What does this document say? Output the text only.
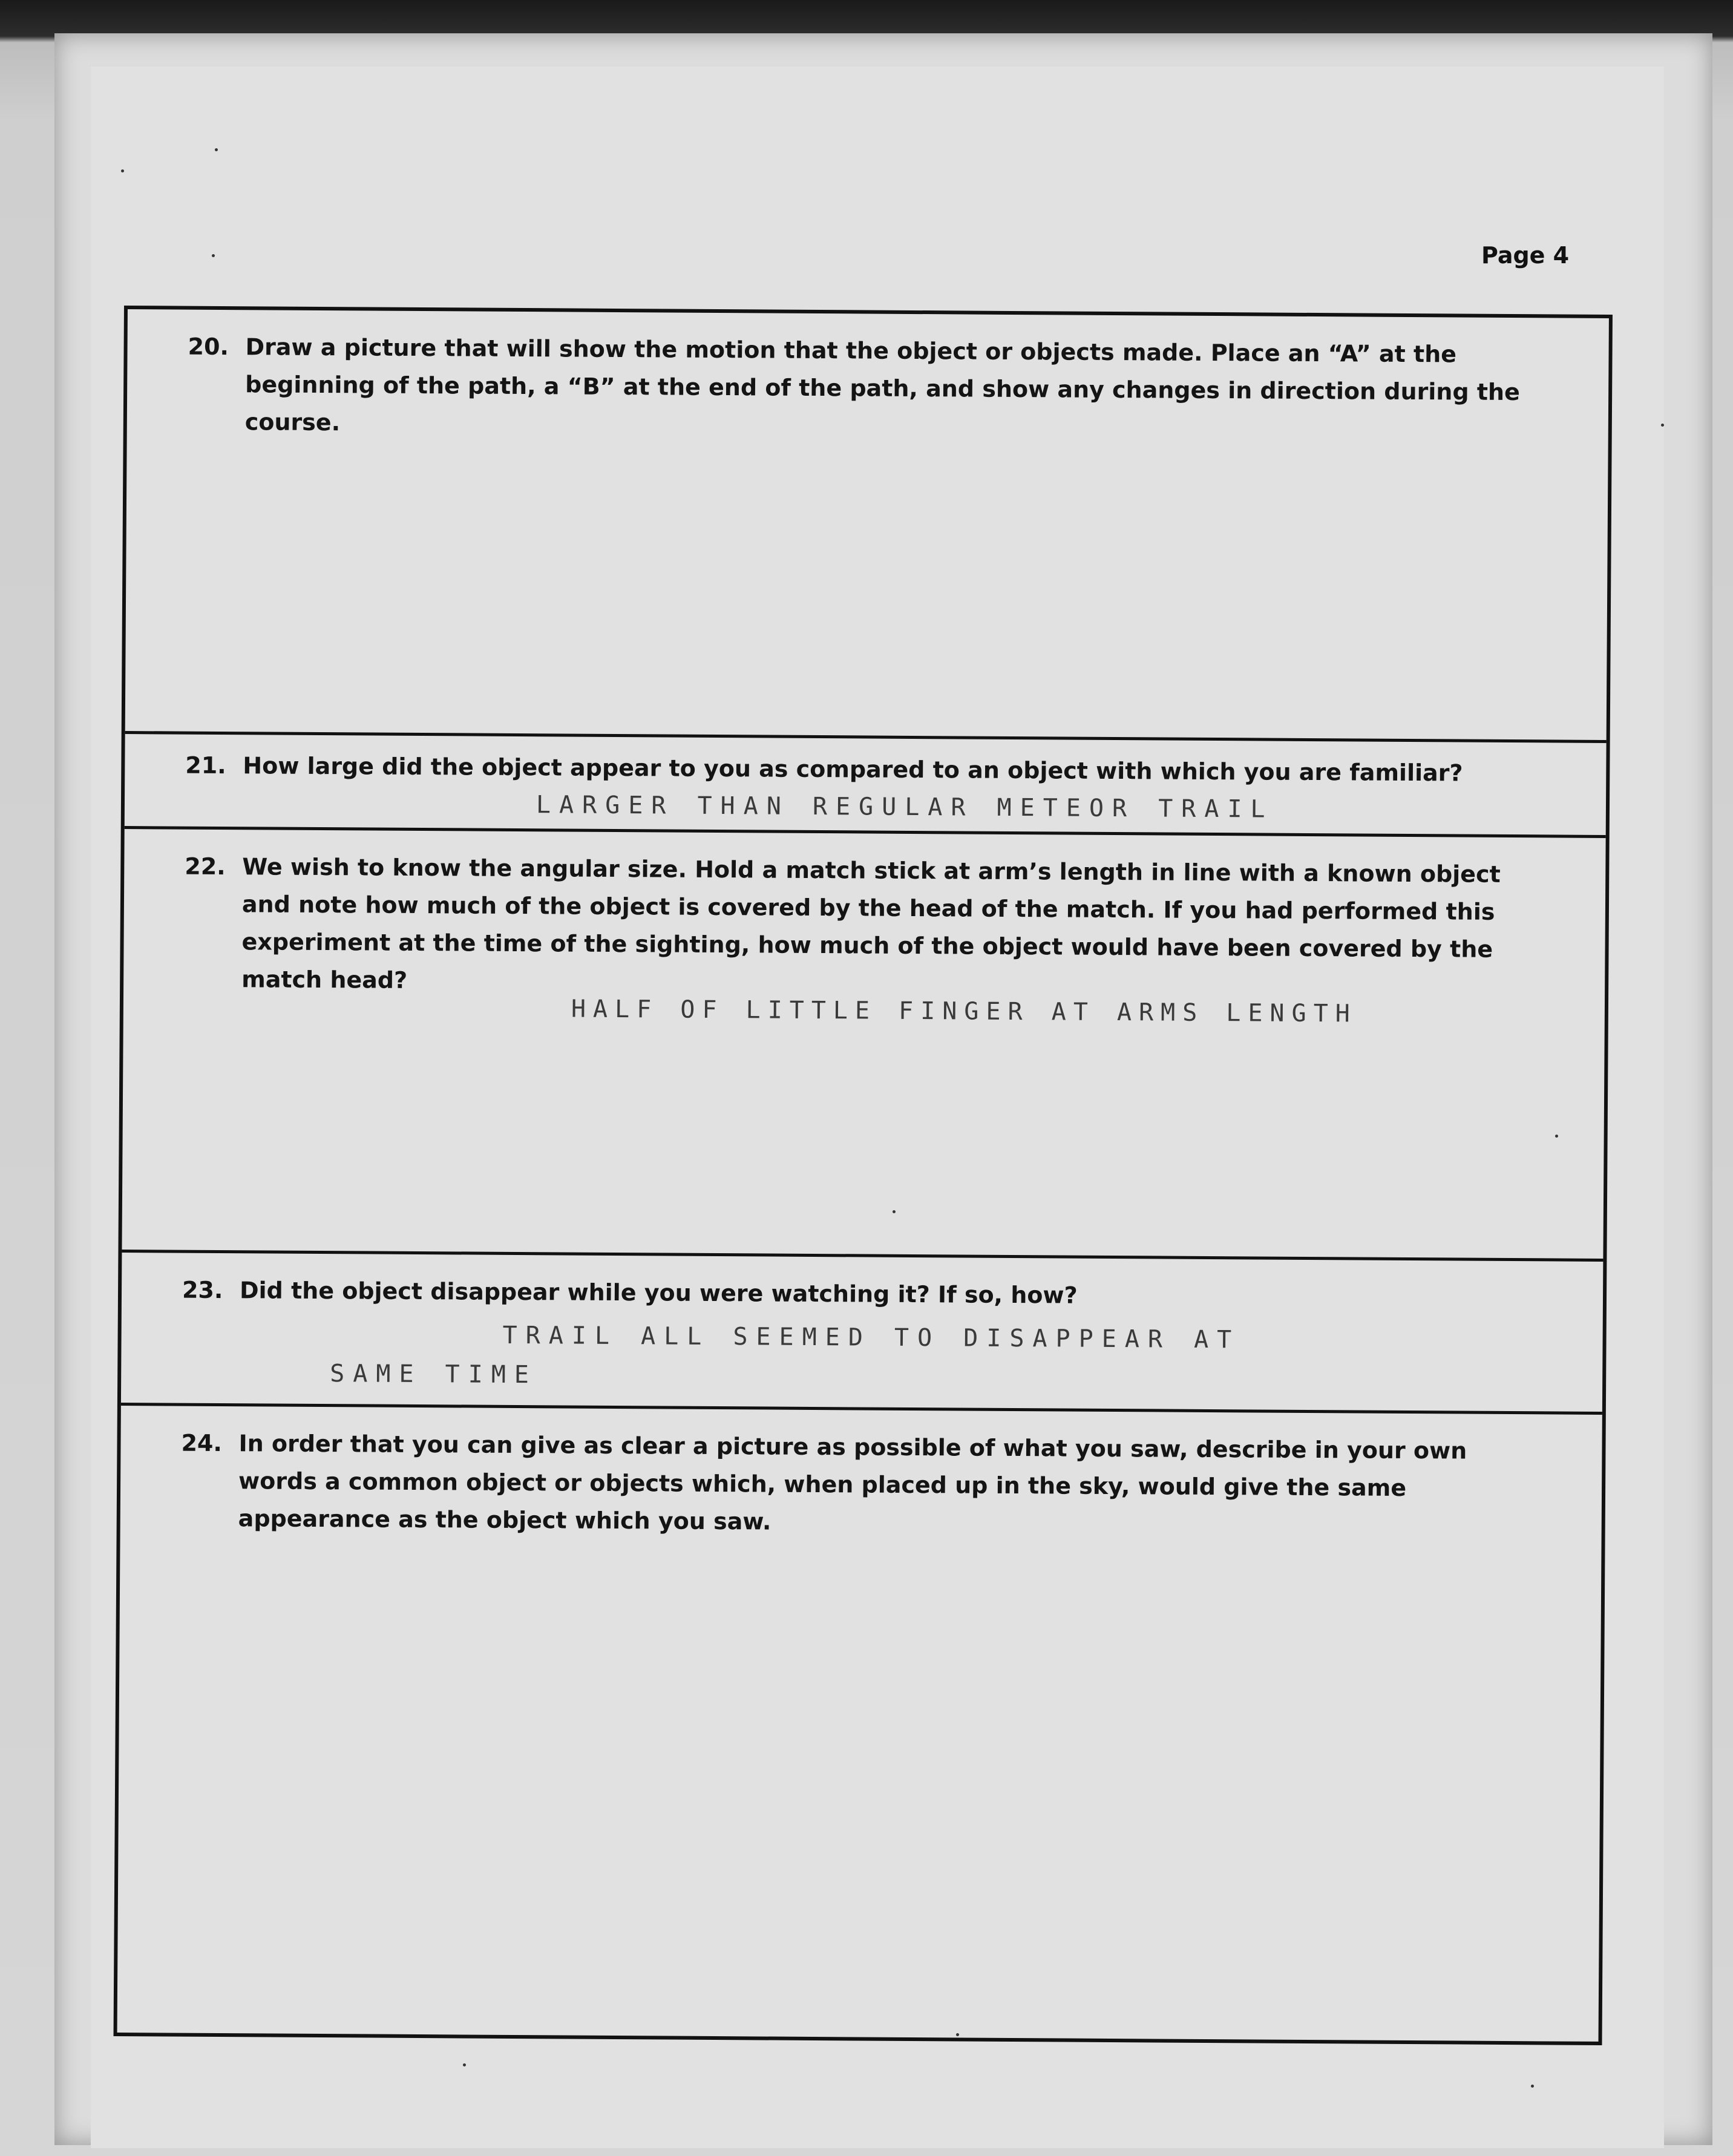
Page 4
20. Draw a picture that will show the motion that the object or objects made. Place an “A” at the beginning of the path, a “B” at the end of the path, and show any changes in direction during the course.
21. How large did the object appear to you as compared to an object with which you are familiar?
LARGER THAN REGULAR METEOR TRAIL
22. We wish to know the angular size. Hold a match stick at arm’s length in line with a known object and note how much of the object is covered by the head of the match. If you had performed this experiment at the time of the sighting, how much of the object would have been covered by the match head?
HALF OF LITTLE FINGER AT ARMS LENGTH
23. Did the object disappear while you were watching it? If so, how?
TRAIL ALL SEEMED TO DISAPPEAR AT
SAME TIME
24. In order that you can give as clear a picture as possible of what you saw, describe in your own words a common object or objects which, when placed up in the sky, would give the same appearance as the object which you saw.
